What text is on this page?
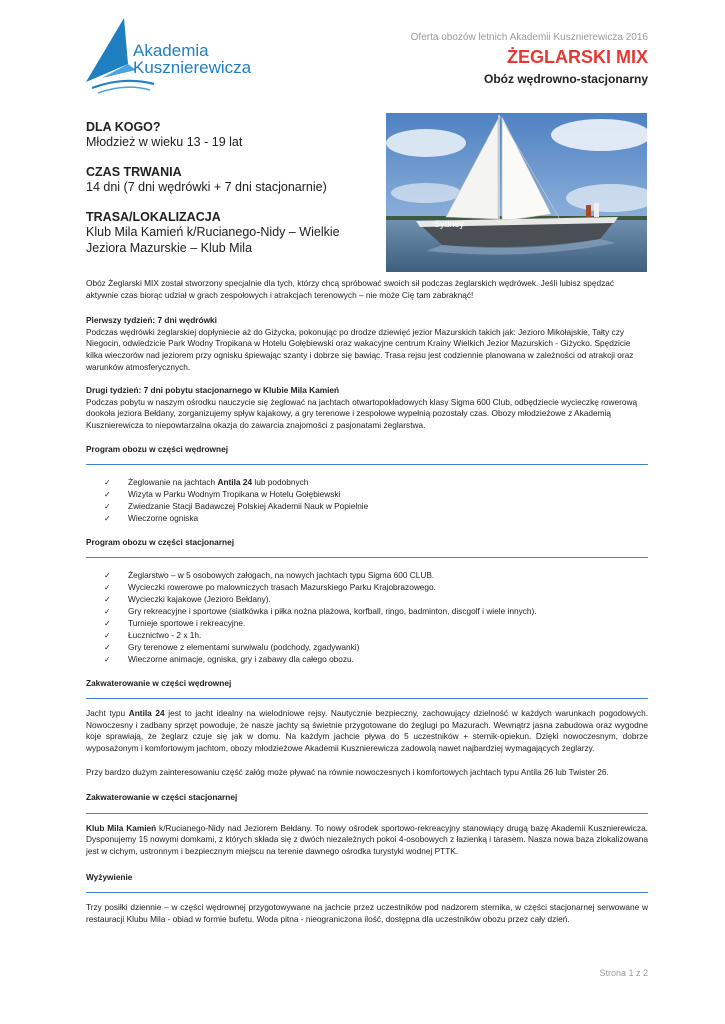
Akademia
Kusznierewicza
Oferta obozów letnich Akademii Kusznierewicza 2016
ŻEGLARSKI MIX
Obóz wędrowno-stacjonarny
DLA KOGO?
Młodzież w wieku 13 - 19 lat
CZAS TRWANIA
14 dni (7 dni wędrówki + 7 dni stacjonarnie)
TRASA/LOKALIZACJA
Klub Mila Kamień k/Rucianego-Nidy – Wielkie
Jeziora Mazurskie – Klub Mila
Sydney

Obóz Żeglarski MIX został stworzony specjalnie dla tych, którzy chcą spróbować swoich sił podczas żeglarskich wędrówek. Jeśli lubisz spędzać aktywnie czas biorąc udział w grach zespołowych i atrakcjach terenowych – nie może Cię tam zabraknąć!

Pierwszy tydzień: 7 dni wędrówki

Podczas wędrówki żeglarskiej dopłyniecie aż do Giżycka, pokonując po drodze dziewięć jezior Mazurskich takich jak: Jezioro Mikołajskie, Tałty czy Niegocin, odwiedzicie Park Wodny Tropikana w Hotelu Gołębiewski oraz wakacyjne centrum Krainy Wielkich Jezior Mazurskich - Giżycko. Spędzicie kilka wieczorów nad jeziorem przy ognisku śpiewając szanty i dobrze się bawiąc. Trasa rejsu jest codziennie planowana w zależności od atrakcji oraz warunków atmosferycznych.

Drugi tydzień: 7 dni pobytu stacjonarnego w Klubie Mila Kamień

Podczas pobytu w naszym ośrodku nauczycie się żeglować na jachtach otwartopokładowych klasy Sigma 600 Club, odbędziecie wycieczkę rowerową dookoła jeziora Bełdany, zorganizujemy spływ kajakowy, a gry terenowe i zespołowe wypełnią pozostały czas. Obozy młodzieżowe z Akademią Kusznierewicza to niepowtarzalna okazja do zawarcia znajomości z pasjonatami żeglarstwa.

Program obozu w części wędrownej
✓ Żeglowanie na jachtach Antila 24 lub podobnych
✓ Wizyta w Parku Wodnym Tropikana w Hotelu Gołębiewski
✓ Zwiedzanie Stacji Badawczej Polskiej Akademii Nauk w Popielnie
✓ Wieczorne ogniska
Program obozu w części stacjonarnej
✓ Żeglarstwo – w 5 osobowych załogach, na nowych jachtach typu Sigma 600 CLUB.
✓ Wycieczki rowerowe po malowniczych trasach Mazurskiego Parku Krajobrazowego.
✓ Wycieczki kajakowe (Jezioro Bełdany).
✓ Gry rekreacyjne i sportowe (siatkówka i piłka nożna plażowa, korfball, ringo, badminton, discgolf i wiele innych).
✓ Turnieje sportowe i rekreacyjne.
✓ Łucznictwo - 2 x 1h.
✓ Gry terenowe z elementami surwiwalu (podchody, zgadywanki)
✓ Wieczorne animacje, ogniska, gry i zabawy dla całego obozu.
Zakwaterowanie w części wędrownej

Jacht typu Antila 24 jest to jacht idealny na wielodniowe rejsy. Nautycznie bezpieczny, zachowujący dzielność w każdych warunkach pogodowych. Nowoczesny i zadbany sprzęt powoduje, że nasze jachty są świetnie przygotowane do żeglugi po Mazurach. Wewnątrz jasna zabudowa oraz wygodne koje sprawiają, że żeglarz czuje się jak w domu. Na każdym jachcie pływa do 5 uczestników + sternik-opiekun. Dzięki nowoczesnym, dobrze wyposażonym i komfortowym jachtom, obozy młodzieżowe Akademii Kusznierewicza zadowolą nawet najbardziej wymagających żeglarzy.

Przy bardzo dużym zainteresowaniu część załóg może pływać na równie nowoczesnych i komfortowych jachtach typu Antila 26 lub Twister 26.

Zakwaterowanie w części stacjonarnej

Klub Mila Kamień k/Rucianego-Nidy nad Jeziorem Bełdany. To nowy ośrodek sportowo-rekreacyjny stanowiący drugą bazę Akademii Kusznierewicza. Dysponujemy 15 nowymi domkami, z których składa się z dwóch niezależnych pokoi 4-osobowych z łazienką i tarasem. Nasza nowa baza zlokalizowana jest w cichym, ustronnym i bezpiecznym miejscu na terenie dawnego ośrodka turystyki wodnej PTTK.

Wyżywienie

Trzy posiłki dziennie – w części wędrownej przygotowywane na jachcie przez uczestników pod nadzorem sternika, w części stacjonarnej serwowane w restauracji Klubu Mila - obiad w formie bufetu. Woda pitna - nieograniczona ilość, dostępna dla uczestników obozu przez cały dzień.

Strona 1 z 2
